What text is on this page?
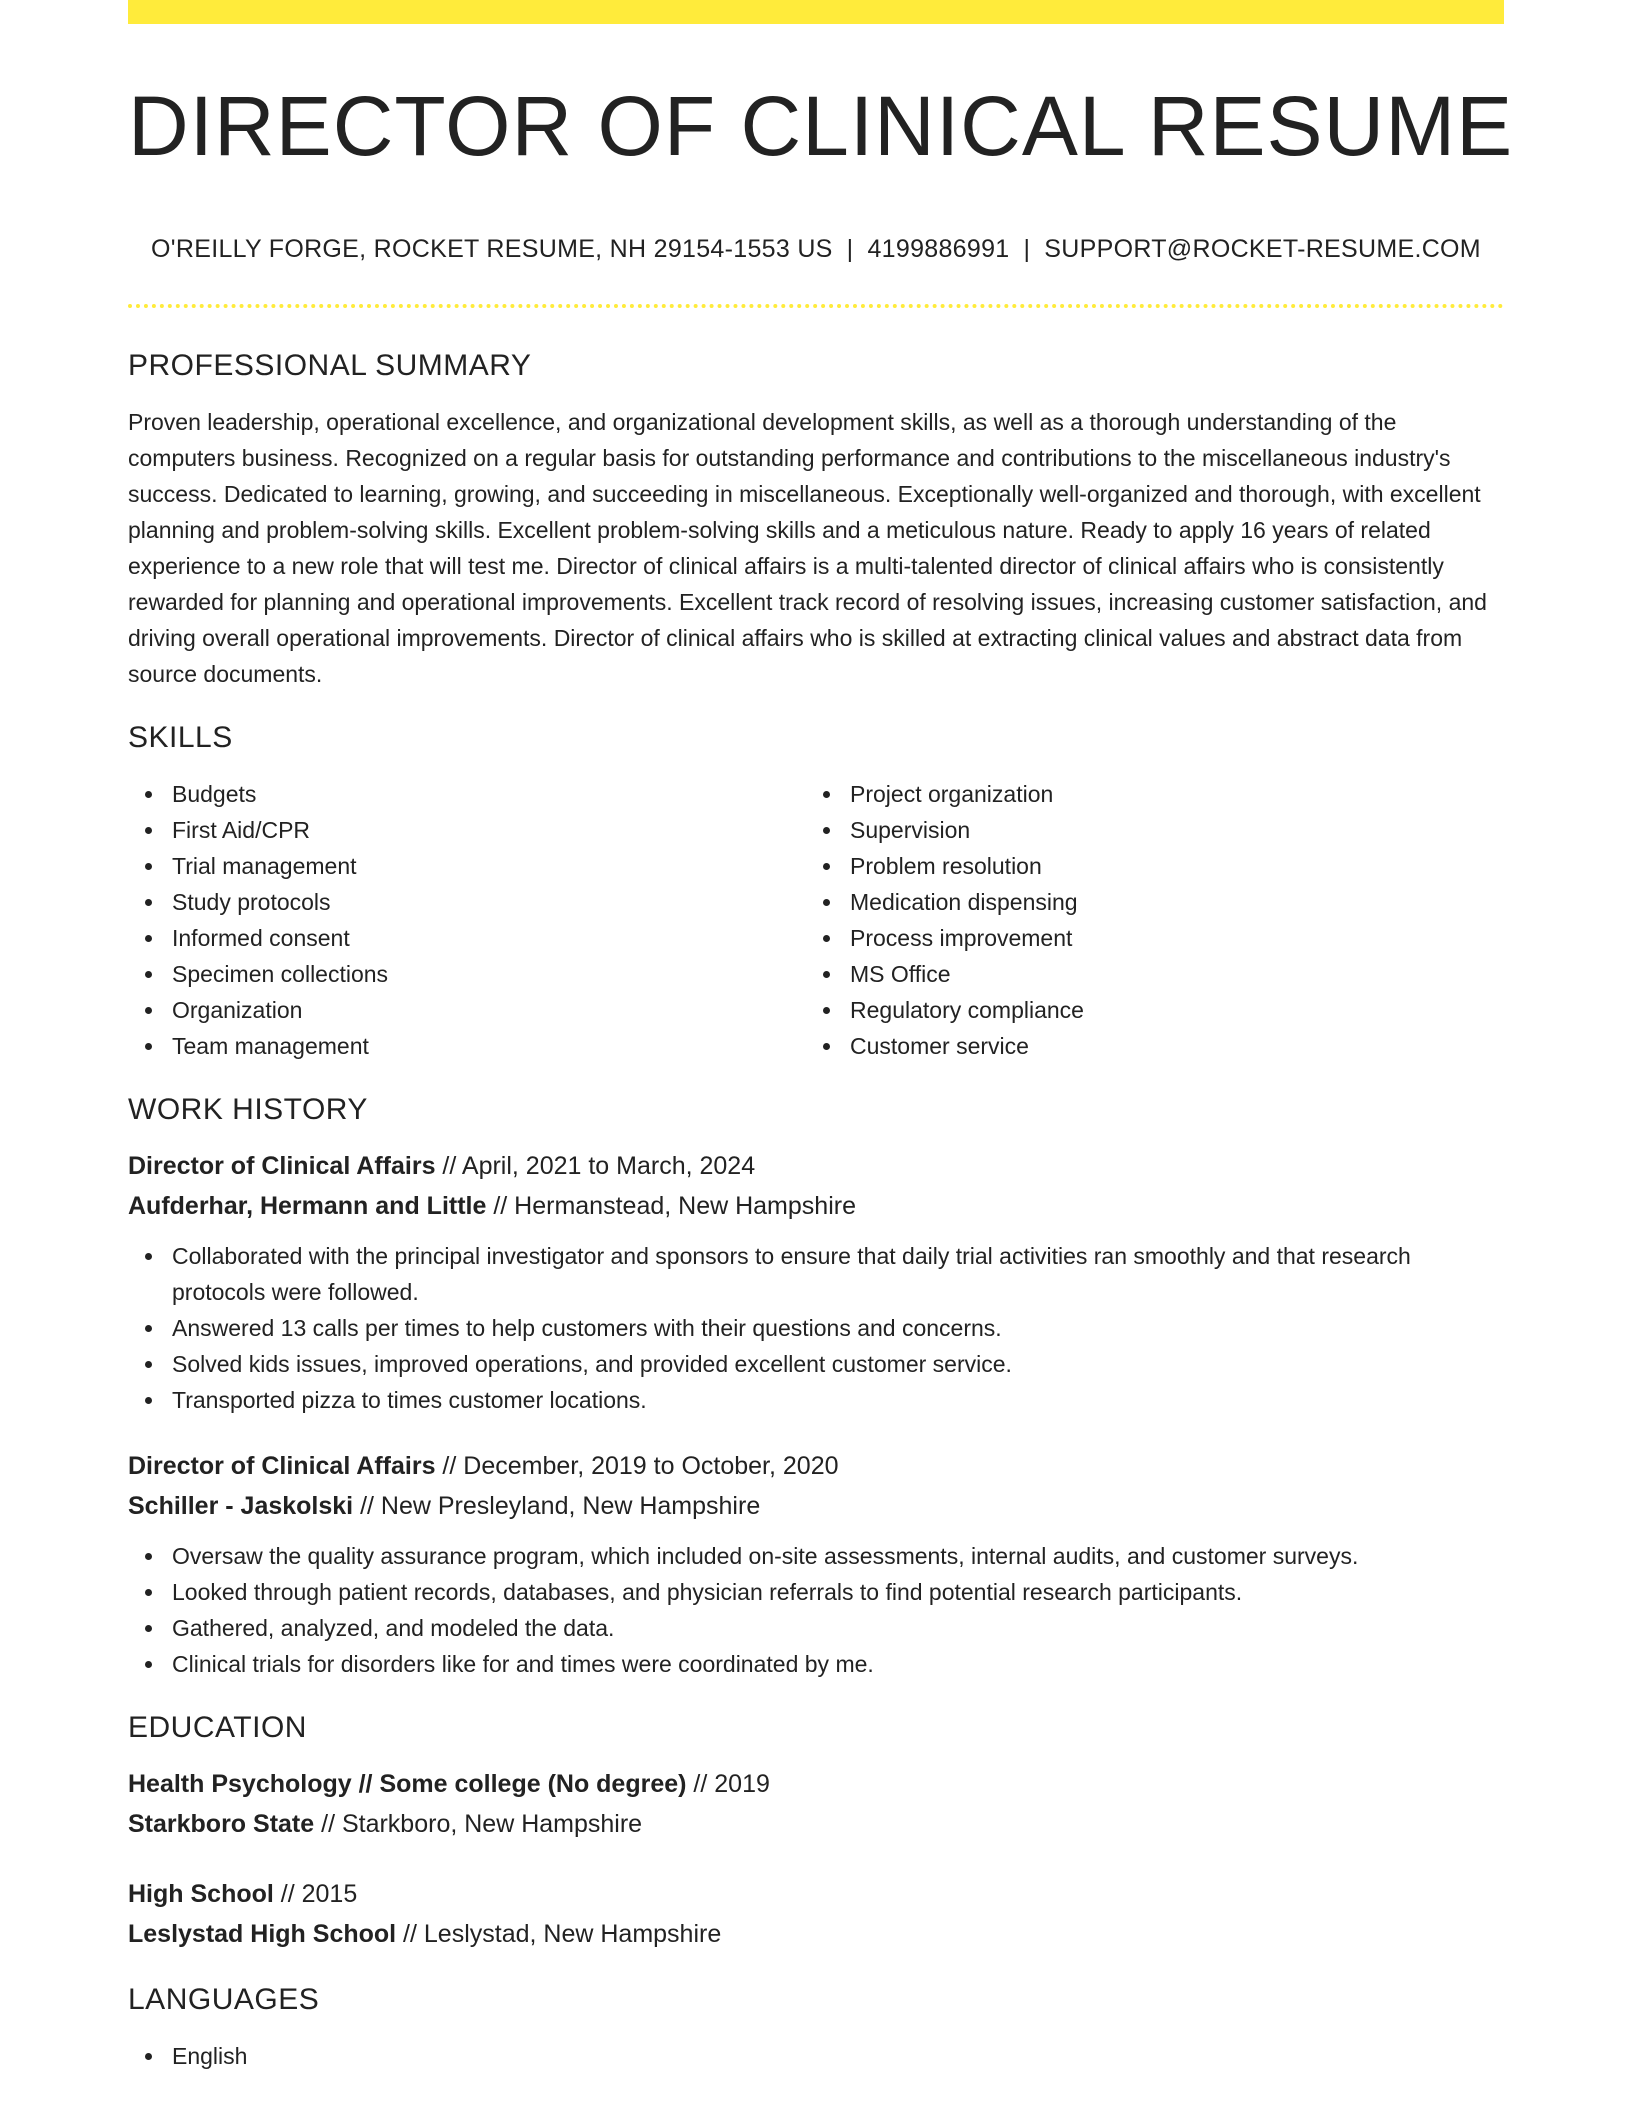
DIRECTOR OF CLINICAL RESUME
O'REILLY FORGE, ROCKET RESUME, NH 29154-1553 US | 4199886991 | SUPPORT@ROCKET-RESUME.COM
PROFESSIONAL SUMMARY

Proven leadership, operational excellence, and organizational development skills, as well as a thorough understanding of the computers business. Recognized on a regular basis for outstanding performance and contributions to the miscellaneous industry's success. Dedicated to learning, growing, and succeeding in miscellaneous. Exceptionally well-organized and thorough, with excellent planning and problem-solving skills. Excellent problem-solving skills and a meticulous nature. Ready to apply 16 years of related experience to a new role that will test me. Director of clinical affairs is a multi-talented director of clinical affairs who is consistently rewarded for planning and operational improvements. Excellent track record of resolving issues, increasing customer satisfaction, and driving overall operational improvements. Director of clinical affairs who is skilled at extracting clinical values and abstract data from source documents.

SKILLS
Budgets
First Aid/CPR
Trial management
Study protocols
Informed consent
Specimen collections
Organization
Team management
Project organization
Supervision
Problem resolution
Medication dispensing
Process improvement
MS Office
Regulatory compliance
Customer service
WORK HISTORY
Director of Clinical Affairs // April, 2021 to March, 2024
Aufderhar, Hermann and Little // Hermanstead, New Hampshire
Collaborated with the principal investigator and sponsors to ensure that daily trial activities ran smoothly and that research protocols were followed.
Answered 13 calls per times to help customers with their questions and concerns.
Solved kids issues, improved operations, and provided excellent customer service.
Transported pizza to times customer locations.
Director of Clinical Affairs // December, 2019 to October, 2020
Schiller - Jaskolski // New Presleyland, New Hampshire
Oversaw the quality assurance program, which included on-site assessments, internal audits, and customer surveys.
Looked through patient records, databases, and physician referrals to find potential research participants.
Gathered, analyzed, and modeled the data.
Clinical trials for disorders like for and times were coordinated by me.
EDUCATION
Health Psychology // Some college (No degree) // 2019
Starkboro State // Starkboro, New Hampshire
High School // 2015
Leslystad High School // Leslystad, New Hampshire
LANGUAGES
English
